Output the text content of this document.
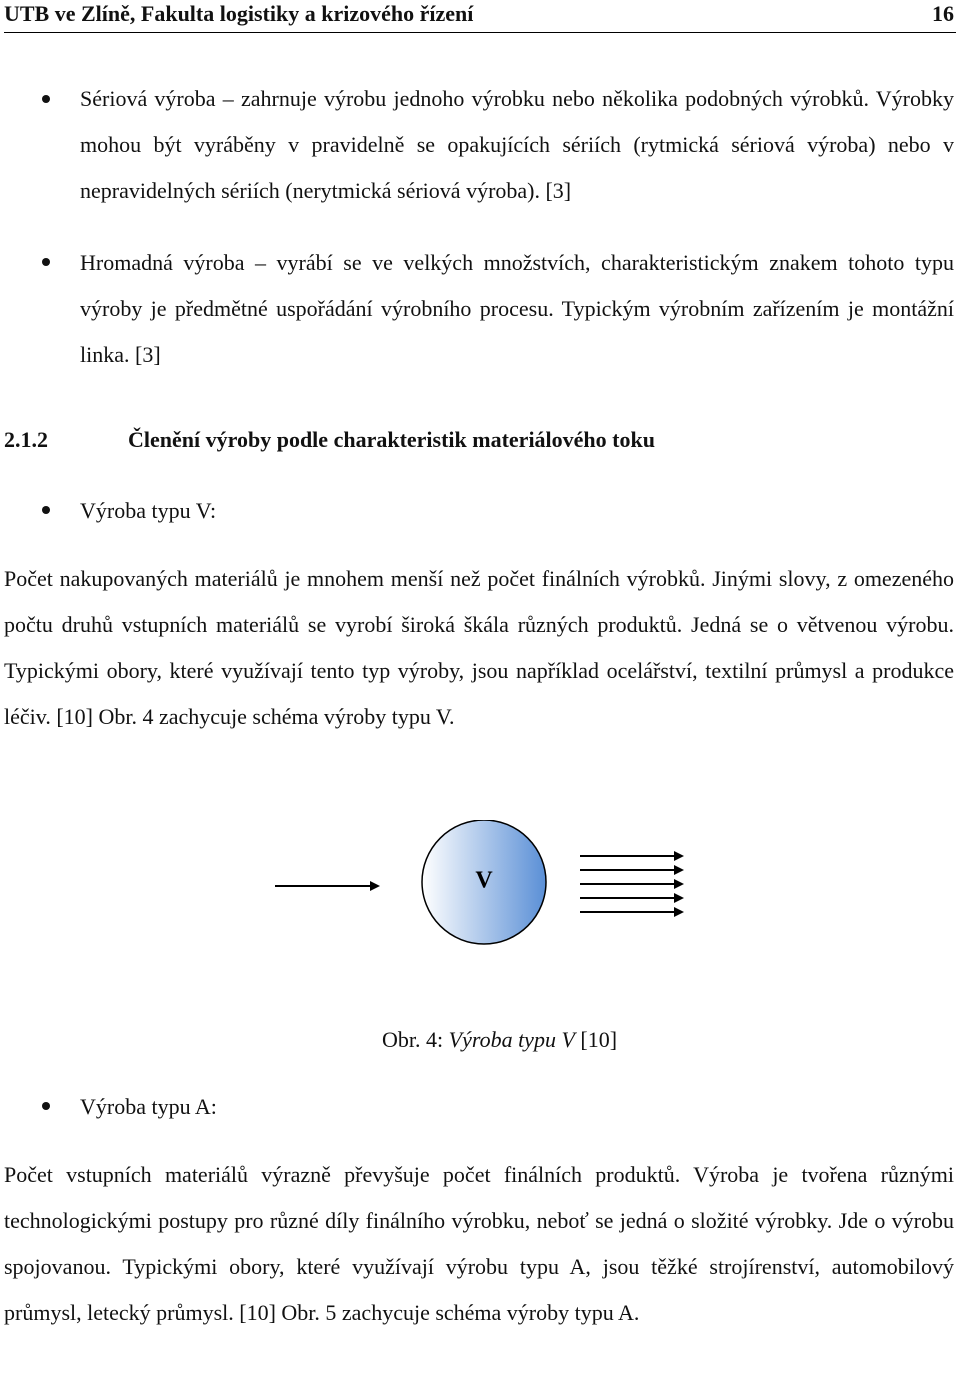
UTB ve Zlíně, Fakulta logistiky a krizového řízení	16
Sériová výroba – zahrnuje výrobu jednoho výrobku nebo několika podobných výrobků. Výrobky mohou být vyráběny v pravidelně se opakujících sériích (rytmická sériová výroba) nebo v nepravidelných sériích (nerytmická sériová výroba). [3]
Hromadná výroba – vyrábí se ve velkých množstvích, charakteristickým znakem tohoto typu výroby je předmětné uspořádání výrobního procesu. Typickým výrobním zařízením je montážní linka. [3]
2.1.2	Členění výroby podle charakteristik materiálového toku
Výroba typu V:
Počet nakupovaných materiálů je mnohem menší než počet finálních výrobků. Jinými slovy, z omezeného počtu druhů vstupních materiálů se vyrobí široká škála různých produktů. Jedná se o větvenou výrobu. Typickými obory, které využívají tento typ výroby, jsou například ocelářství, textilní průmysl a produkce léčiv. [10] Obr. 4 zachycuje schéma výroby typu V.
V
Obr. 4: Výroba typu V [10]
Výroba typu A:
Počet vstupních materiálů výrazně převyšuje počet finálních produktů. Výroba je tvořena různými technologickými postupy pro různé díly finálního výrobku, neboť se jedná o složité výrobky. Jde o výrobu spojovanou. Typickými obory, které využívají výrobu typu A, jsou těžké strojírenství, automobilový průmysl, letecký průmysl. [10] Obr. 5 zachycuje schéma výroby typu A.
